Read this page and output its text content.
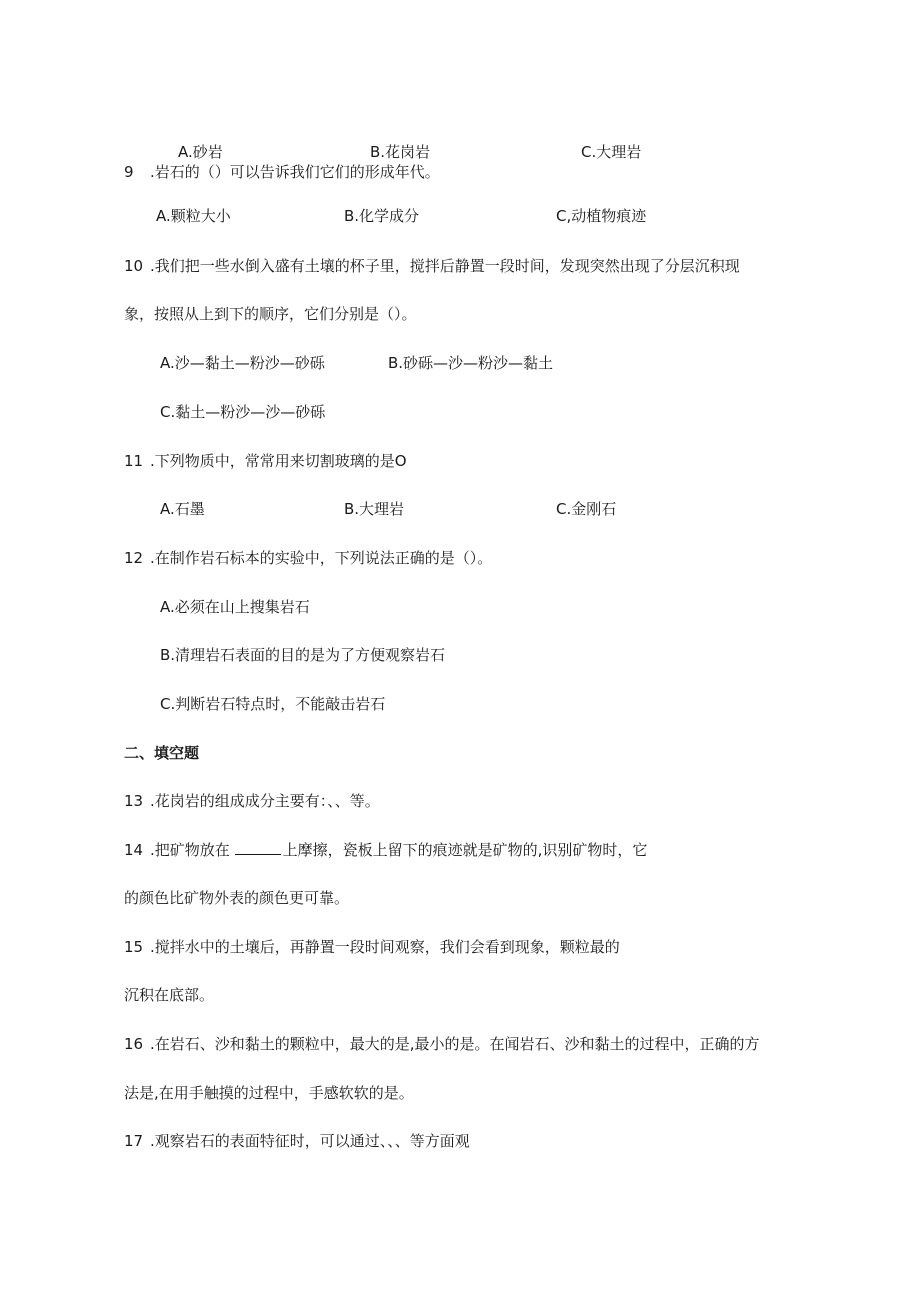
A.砂岩	B.花岗岩	C.大理岩
9 .岩石的（）可以告诉我们它们的形成年代。
A.颗粒大小	B.化学成分	C,动植物痕迹
10 .我们把一些水倒入盛有土壤的杯子里，搅拌后静置一段时间，发现突然出现了分层沉积现
象，按照从上到下的顺序，它们分别是（）。
A.沙—黏土—粉沙—砂砾	B.砂砾—沙—粉沙—黏土
C.黏土—粉沙—沙—砂砾
11 .下列物质中，常常用来切割玻璃的是O
A.石墨	B.大理岩	C.金刚石
12 .在制作岩石标本的实验中，下列说法正确的是（）。
A.必须在山上搜集岩石
B.清理岩石表面的目的是为了方便观察岩石
C.判断岩石特点时，不能敲击岩石
二、填空题
13 .花岗岩的组成成分主要有：、、等。
14 .把矿物放在	上摩擦，瓷板上留下的痕迹就是矿物的,识别矿物时，它
的颜色比矿物外表的颜色更可靠。
15 .搅拌水中的土壤后，再静置一段时间观察，我们会看到现象，颗粒最的
沉积在底部。
16 .在岩石、沙和黏土的颗粒中，最大的是,最小的是。在闻岩石、沙和黏土的过程中，正确的方
法是,在用手触摸的过程中，手感软软的是。
17 .观察岩石的表面特征时，可以通过、、、等方面观
